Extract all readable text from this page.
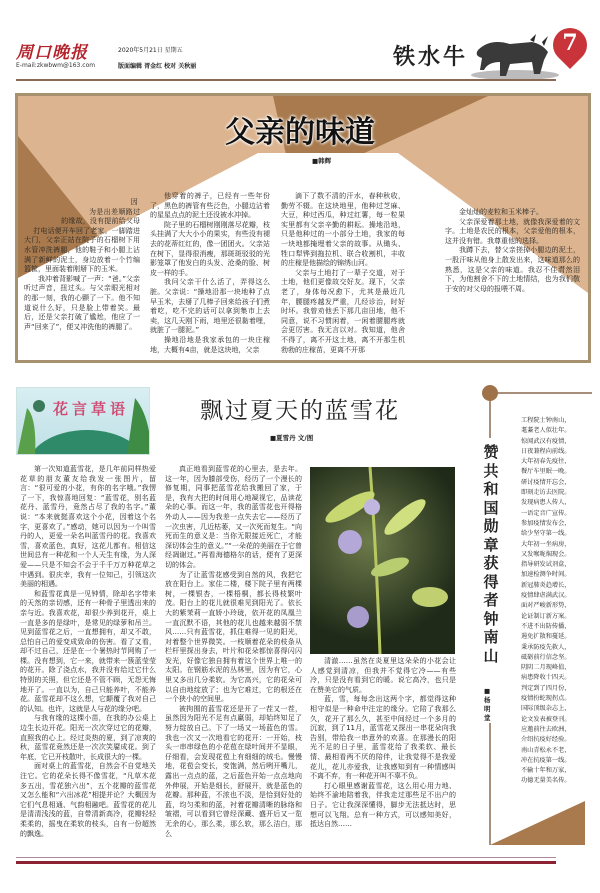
周口晚报
E-mail:zkwbwm@163.com
2020年5月21日 星期五
版面编辑 胥金红 校对 关秋丽	铁水牛
7
父亲的味道
■韩辉

因为是出差顺路过的缘故，没有提前给父母打电话便开车回了老家。一脚踏进大门，父亲正站在院子的石榴树下用水管冲洗裤腿，他的鞋子和小腿上沾满了新鲜的泥土，身边放着一个竹编篮筐，里面装着刚掰下的玉米。

我冲着背影喊了一声：“爸。”父亲听过声音，扭过头。与父亲眼光相对的那一刻，我的心颤了一下。他不知道说什么好，只是脸上带着笑。最后，还是父亲打破了尴尬，他应了一声“回来了”，便又冲洗他的裤腿了。

他穿着的裤子，已经有一些年份了，黑色的裤管有些泛色，小腿边沾着的星星点点的泥土还没被水冲掉。

院子里的石榴树刚刚落尽花瓣，枝头挂满了大大小小的果实，有些没有褪去的花蒂红红的，像一团团火。父亲站在树下，显得很消瘦，那斑斑驳驳的光影笼罩了他发白的头发、沧桑的脸、树皮一样的手。

我问父亲干什么活了，弄得这么脏。父亲说：“操地沿那一块地种了点早玉米，去掰了几棒子回来给孩子们煮着吃，吃不完的话可以拿到集市上去卖，这几天刚下雨，地里还很黏着哩，就脏了一腿泥。”

操地沿地是我家承包的一块庄稼地，大概有4亩，就是这块地，父亲

滴下了数不清的汗水，春种秋收，勤劳不辍。在这块地里，他种过芝麻、大豆，种过西瓜，种过红薯，每一粒果实里都有父亲辛勤的耕耘。操地沿地，只是他种过的一小部分土地，我家的每一块地都掩埋着父亲的故事。从锄头、牲口犁铧到拖拉机、联合收割机，丰收的庄稼是他描绘的锦绣山河。

父亲与土地打了一辈子交道，对于土地，他们更像故交好友。现下，父亲老了，身体每况愈下，尤其是最近几年，腰腿疼越发严重，几经诊治，时好时坏。我曾劝他丢下那几亩田地，他不同意，说不习惯闲着，一闲着腰腿疼就会更厉害。我无言以对。我知道，他舍不得了，离不开这土地，离不开那生机勃勃的庄稼苗，更离不开那

金灿灿的麦粒和玉米棒子。

父亲深爱着那土地，就像我深爱着的文字。土地是农民的根本，父亲爱他的根本，这并没有错。我尊重他的选择。

我蹲下去，替父亲搓掉小腿边的泥土，一股汗味从他身上散发出来，这味道那么的熟悉，这是父亲的味道。我忍不住潸然泪下，为他割舍不下的土地情结，也为我们敬于安的对父母的报喂不周。

花言草语	飘过夏天的蓝雪花
■夏雪丹 文/图

第一次知道蓝雪花，是几年前同样热爱花草的朋友董友给我发一张图片，留言：“很可爱的小花，有你的名字哦。”我愣了一下，我惊喜地回复：“蓝雪花，别名蓝花丹、蓝雪丹，竟然占尽了我的名字。”董说：“本来就挺喜欢这个小花，因着这个名字，更喜欢了。”感动，她可以因为一个叫雪丹的人，更爱一朵名叫蓝雪丹的花。我喜欢雪，喜欢蓝色，真好，这花儿都有。相信这世间总有一种花和一个人天生有缘，为人深爱——只是不知会不会于千千万万种花草之中遇到。很庆幸，我有一位知己，引领这次美丽的相遇。

和蓝雪花真是一见钟情，除却名字带来的天然的亲切感，还有一种骨子里透出来的亲与近。我喜欢花，却很少养到花开，桌上一直是多的是绿叶，是常见的绿萝和吊兰。见到蓝雪花之后，一直想拥有，却又不敢，总怕自己的爱变成致命的伤害。看了又看，却不过自己，还是在一个暑热时节网购了一棵。没有想到，它一来，就带来一簇蓝莹莹的花开。除了浇点水，我并没有给过它什么特别的关照，但它还是不管不顾，无怨无悔地开了。一直以为，自己只能养叶，不能养花。蓝雪花却不这么想，它颠覆了我对自己的认知。也许，这就是人与花的缘分吧。

与我有缘的这棵小苗，在我的办公桌上边生长边开花。阳光一次次穿过它的花瓣，直照我的心上。经过炎热的夏，到了凉爽的秋，蓝雪花竟然还是一次次笑靥成花。到了年底，它已开枝散叶，长成很大的一棵。

面对桌上的蓝雪花，自然会不自觉地关注它。它的花朵长得不像雪花，“凡草木花多五出，雪花独六出”，五个花瓣的蓝雪花又怎么能和“六出冰花”相提并论？大概因为它们气息相通、气韵相融吧。蓝雪花的花儿是清清浅浅的蓝，自带清新高冷，花瓣轻轻柔柔的，摇曳在柔软的枝头，自有一份超然的飘逸。

真正地看到蓝雪花的心里去，是去年。这一年，因为膝部受伤，经历了一个漫长的修复期，同事把蓝雪花给我搬回了家，于是，我有大把的时间用心地凝视它，品读花朵的心事。而这一年，我的蓝雪花也开得格外动人——因为我差一点失去它——经历了一次虫害，几近枯萎，又一次死而复生。“向死而生的意义是：当你无限接近死亡，才能深切体会生的意义。”“一朵花的美丽在于它曾经凋谢过。”再看海德格尔的话，便有了更深切的体会。

为了让蓝雪花感受到自然的风，我把它放在阳台上。家住二楼，楼下院子里有两棵树，一棵银杏，一棵梧桐，都长得枝繁叶茂。阳台上的花儿就很难见到阳光了。依长大的紫茉莉一直娇小玲珑，依开花的凤凰兰一直沉默不语，其他的花儿也越来越弱不禁风……只有蓝雪花，抓住难得一见的阳光，对着整个世界微笑。一枝顺着花朵的枝条从栏杆里探出身去，叶片和花朵都惊喜得闪闪发光，好像它独自拥有着这个世界上唯一的太阳。在钢筋水泥的丛林里，因为有它，心里又多出几分柔软。为它高兴，它的花朵可以自由地绽放了；也为它难过，它的根还在一个狭小的空间里。

被拘囿的蓝雪花还是开了一茬又一茬，虽然因为阳光不足有点羸弱，却始终知足了努力绽放自己。下了一场又一场蓝色的雪。我也一次又一次地看它的花开：一开始，枝头一串串绿色的小花苞在绿叶间并不显眼，仔细看，会发现花苞上有细细的绒毛。慢慢地，花苞会变长，变饱满，然后咧开嘴儿，露出一点点的蓝，之后蓝色开始一点点地向外伸展，开始是细长，舒展开，就是蓝色的花瓣。那种蓝，不浓也不淡，是恰到好处的蓝，均匀柔和的蓝，衬着花瓣清晰的脉络和皱褶，可以看到它曾经深藏、盛开后又一览无余的心，那么柔，那么软，那么洁白，那么

清澈……虽然在炎夏里这朵朵的小花会让人感觉到清凉，但我并不觉得它冷——有些冷，只是没有看到它的暖。说它高冷，也只是在赞美它的气质。

蓝，雪，每每念出这两个字，都觉得这种相守似是一种命中注定的缘分。它陪了我那么久，花开了那么久，甚至中间经过一个多月的沉寂，到了11月，蓝雪花又探出一串花朵向我告别，带给我一串意外的欢喜。在那漫长的阳光不足的日子里，蓝雪花给了我柔软、最长情、最相看两不厌的陪伴，让我觉得不是我爱花儿，花儿亦爱我，让我感知到有一种情感叫不离不弃，有一种花开叫不辜不负。

打心眼里感谢蓝雪花，这么用心用力地、始终不渝地陪着我，伴我走过那些足不出户的日子。它让我深深懂得，脚步无法抵达时，思想可以飞翔。总有一种方式，可以感知美好，抵达自然……

赞共和国勋章获得者钟南山
■杨明堂
工程院士钟南山，
耄耋老人似壮年。
惊闻武汉有疫情，
日夜兼程向前线。
大年初春先疫往，
餐厅车里眠一晚。
研讨疫情开忘会，
即刻走访去医院。
发现病患人传人，
一语定音广宣传。
参加疫情发布会，
给少坚守第一线。
大年初一坐病房，
又发喉咙焖现会。
指导研发试剂盒，
加速检测争时间。
新冠肺炎趋增长，
疫情肆虐满武汉。
面对严峻新形势，
论证制订新方案。
不进不出防传播，
遏免扩散和蔓延。
秉承防疫先救人，
砥砺前行信念坚。
阴阴二月现峰值，
病患降收十四天。
判定到了四月份，
疫情扮蛇现拐点。
国际顶级杂志上，
论文发表被登刊。
应邀前往去欧洲，
介绍抗疫好经验。
南山青松永不老，
冲在抗疫第一线。
不输十年和万家，
功德无量美名传。
